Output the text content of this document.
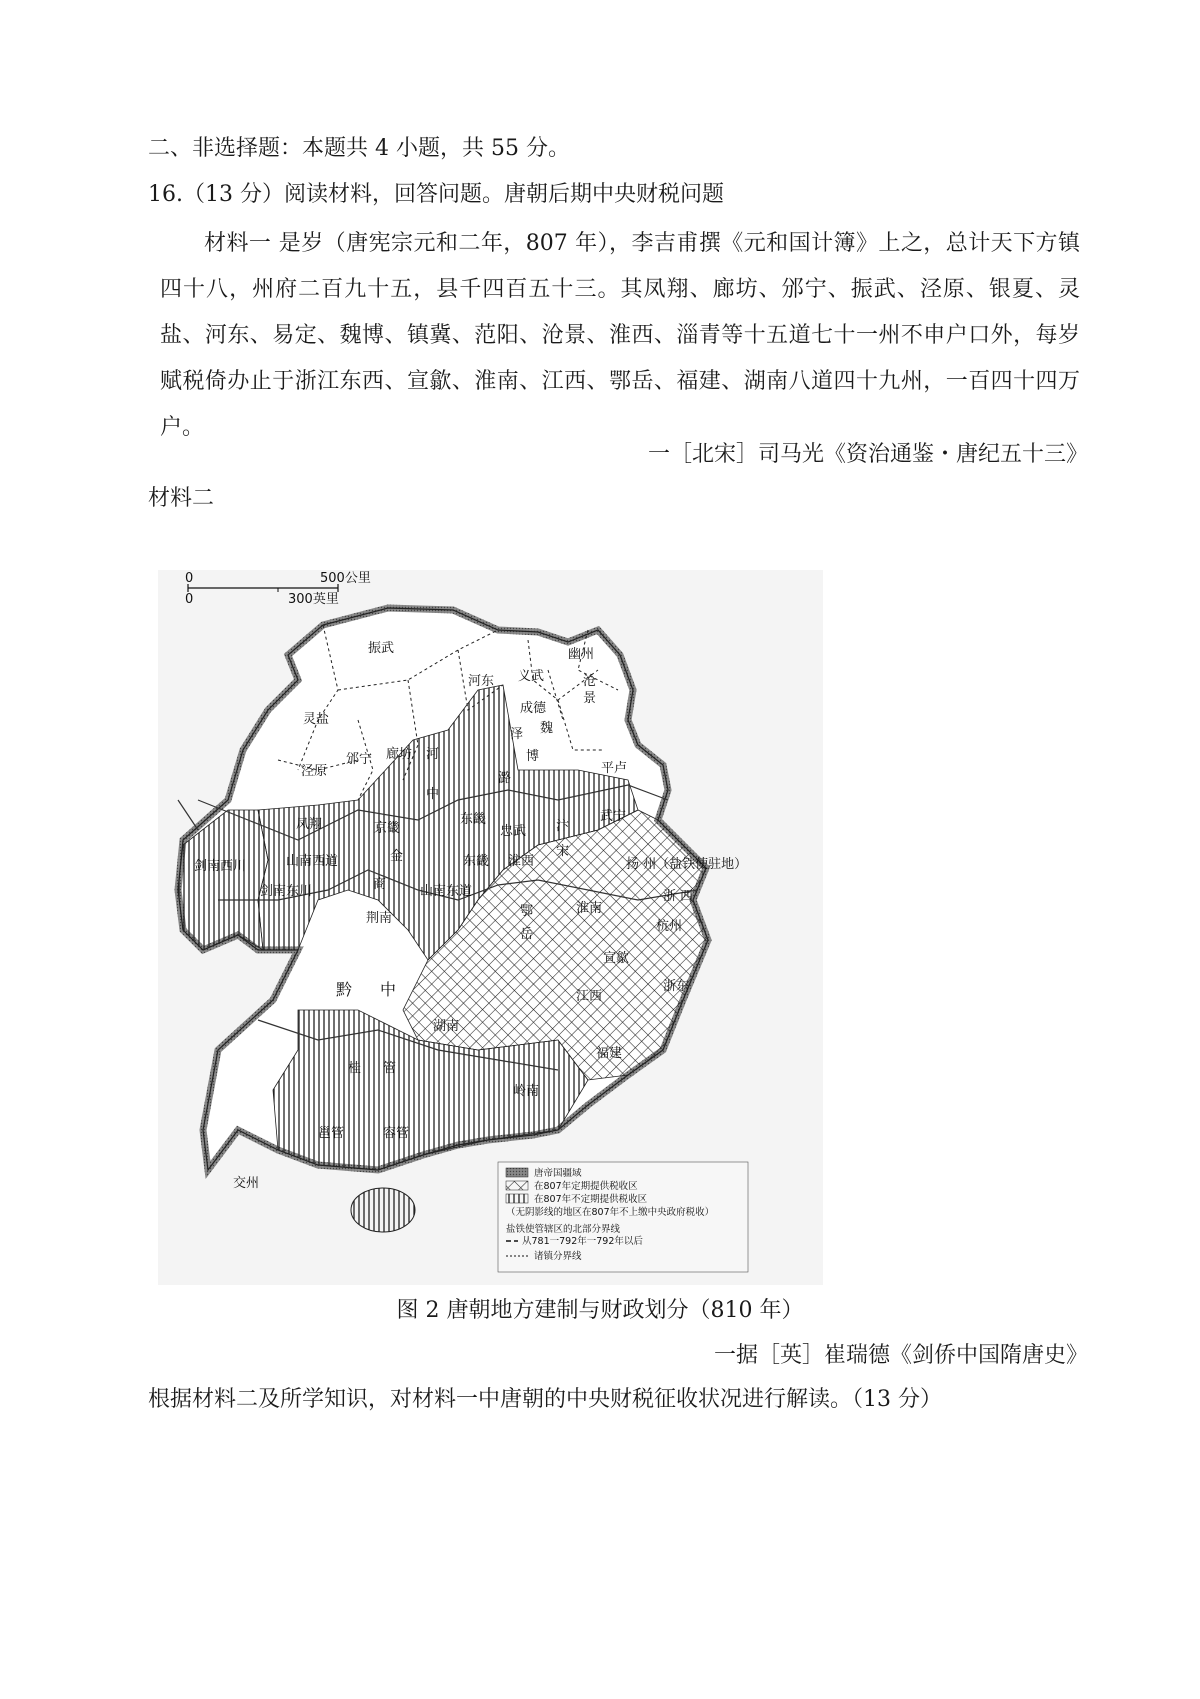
二、非选择题：本题共 4 小题，共 55 分。
16.（13 分）阅读材料，回答问题。唐朝后期中央财税问题
材料一 是岁（唐宪宗元和二年，807 年），李吉甫撰《元和国计簿》上之，总计天下方镇四十八，州府二百九十五，县千四百五十三。其凤翔、廊坊、邠宁、振武、泾原、银夏、灵盐、河东、易定、魏博、镇冀、范阳、沧景、淮西、淄青等十五道七十一州不申户口外，每岁赋税倚办止于浙江东西、宣歙、淮南、江西、鄂岳、福建、湖南八道四十九州，一百四十四万户。
一［北宋］司马光《资治通鉴・唐纪五十三》
材料二
0
0
500公里
300英里
振武
河东 义武
幽州
成德
沧
景
魏
泽
博
潞
灵盐
泾原
邠宁 廊坊 河
中
平卢
凤翔	京畿
东畿
忠武 汴
宋
武宁
山南西道	金
商
东畿 淮西	扬 州（盐铁使驻地）
剑南西川
剑南东川	山南东道
荆南
淮南
浙 西
鄂
岳
杭州
宣歙
黔 中	江西
浙东
湖南
福建
桂 管
岭南
邕管	容管
交州
唐帝国疆域
在807年定期提供税收区
在807年不定期提供税收区
（无阴影线的地区在807年不上缴中央政府税收）
盐铁使管辖区的北部分界线
从781一792年一792年以后
诸镇分界线
图 2 唐朝地方建制与财政划分（810 年）
一据［英］崔瑞德《剑侨中国隋唐史》
根据材料二及所学知识，对材料一中唐朝的中央财税征收状况进行解读。（13 分）
